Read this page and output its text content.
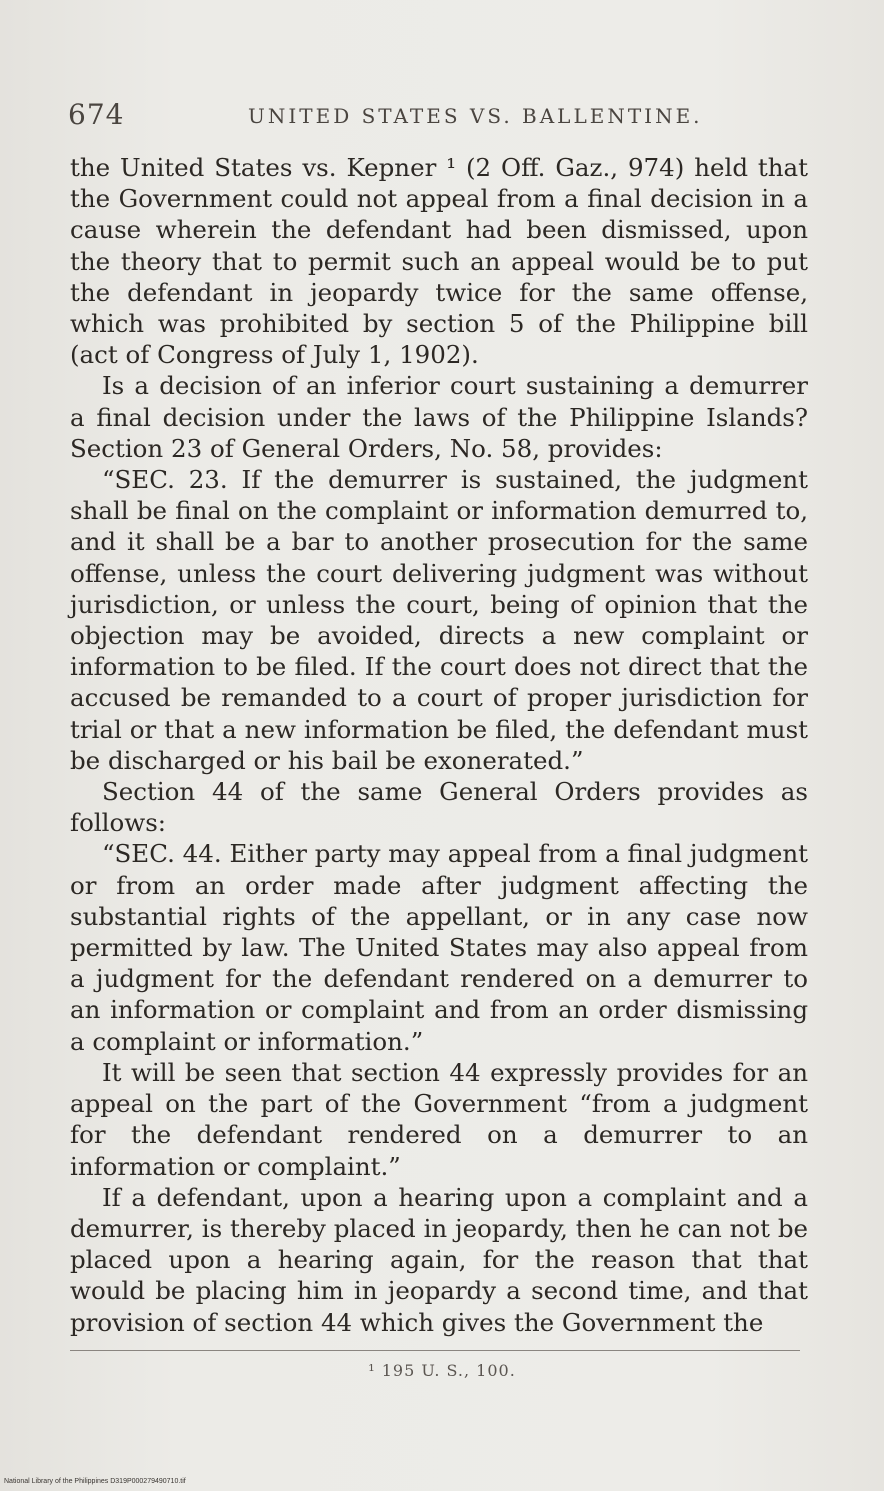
674	UNITED STATES VS. BALLENTINE.

the United States vs. Kepner ¹ (2 Off. Gaz., 974) held that the Government could not appeal from a final decision in a cause wherein the defendant had been dismissed, upon the theory that to permit such an appeal would be to put the defendant in jeopardy twice for the same offense, which was prohibited by section 5 of the Philippine bill (act of Congress of July 1, 1902).

Is a decision of an inferior court sustaining a demurrer a final decision under the laws of the Philippine Islands? Section 23 of General Orders, No. 58, provides:

“SEC. 23. If the demurrer is sustained, the judgment shall be final on the complaint or information demurred to, and it shall be a bar to another prosecution for the same offense, unless the court delivering judgment was without jurisdiction, or unless the court, being of opinion that the objection may be avoided, directs a new complaint or information to be filed. If the court does not direct that the accused be remanded to a court of proper jurisdiction for trial or that a new information be filed, the defendant must be discharged or his bail be exonerated.”

Section 44 of the same General Orders provides as follows:

“SEC. 44. Either party may appeal from a final judgment or from an order made after judgment affecting the substantial rights of the appellant, or in any case now permitted by law. The United States may also appeal from a judgment for the defendant rendered on a demurrer to an information or complaint and from an order dismissing a complaint or information.”

It will be seen that section 44 expressly provides for an appeal on the part of the Government “from a judgment for the defendant rendered on a demurrer to an information or complaint.”

If a defendant, upon a hearing upon a complaint and a demurrer, is thereby placed in jeopardy, then he can not be placed upon a hearing again, for the reason that that would be placing him in jeopardy a second time, and that provision of section 44 which gives the Government the

¹ 195 U. S., 100.
National Library of the Philippines D319P000279490710.tif
